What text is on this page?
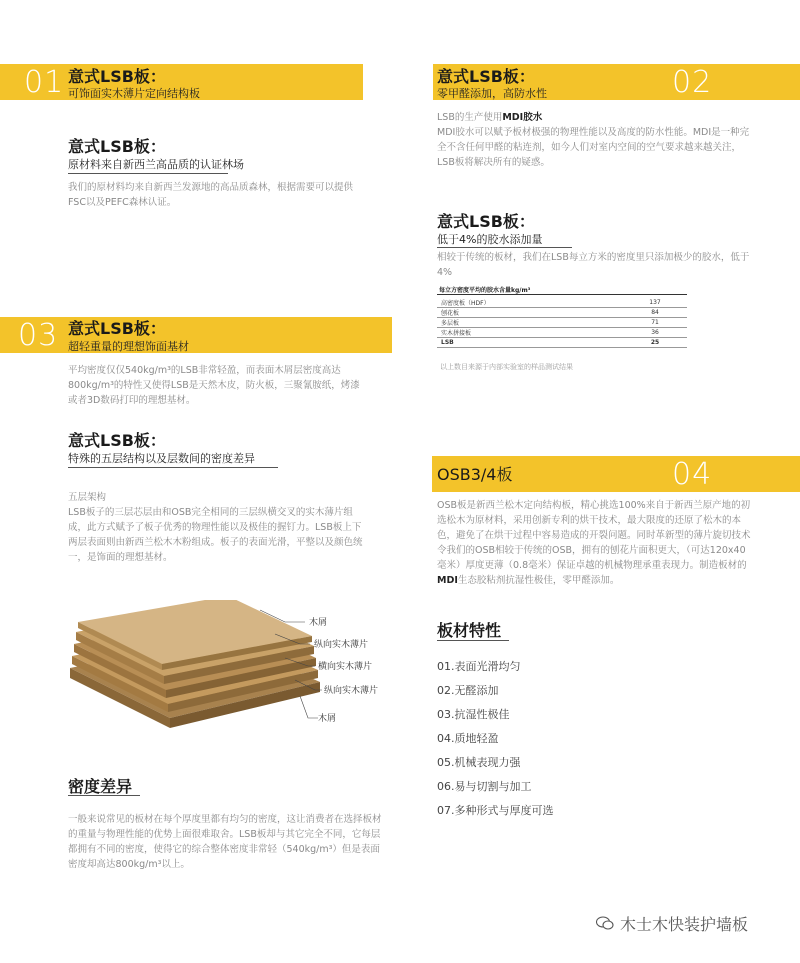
01 意式LSB板：
可饰面实木薄片定向结构板
意式LSB板：
零甲醛添加，高防水性	02
LSB的生产使用MDI胶水
MDI胶水可以赋予板材极强的物理性能以及高度的防水性能。MDI是一种完全不含任何甲醛的粘连剂，如今人们对室内空间的空气要求越来越关注，LSB板将解决所有的疑惑。
意式LSB板：
原材料来自新西兰高品质的认证林场
我们的原材料均来自新西兰发源地的高品质森林，根据需要可以提供FSC以及PEFC森林认证。
意式LSB板：
低于4%的胶水添加量
相较于传统的板材，我们在LSB每立方米的密度里只添加极少的胶水，低于4%
每立方密度平均的胶水含量kg/m³
高密度板（HDF）	137
刨花板	84
多层板	71
实木拼接板	36
LSB	25
以上数目来源于内部实验室的样品测试结果
03 意式LSB板：
超轻重量的理想饰面基材
平均密度仅仅540kg/m³的LSB非常轻盈，而表面木屑层密度高达800kg/m³的特性又使得LSB是天然木皮，防火板，三聚氰胺纸，烤漆或者3D数码打印的理想基材。
意式LSB板：
特殊的五层结构以及层数间的密度差异
五层架构
LSB板子的三层芯层由和OSB完全相同的三层纵横交叉的实木薄片组成，此方式赋予了板子优秀的物理性能以及极佳的握钉力。LSB板上下两层表面则由新西兰松木木粉组成。板子的表面光滑，平整以及颜色统一，是饰面的理想基材。
木屑
纵向实木薄片
横向实木薄片
纵向实木薄片
木屑
密度差异
一般来说常见的板材在每个厚度里都有均匀的密度，这让消费者在选择板材的重量与物理性能的优势上面很难取舍。LSB板却与其它完全不同，它每层都拥有不同的密度，使得它的综合整体密度非常轻（540kg/m³）但是表面密度却高达800kg/m³以上。
OSB3/4板	04
OSB板是新西兰松木定向结构板，精心挑选100%来自于新西兰原产地的初选松木为原材料，采用创新专利的烘干技术，最大限度的还原了松木的本色，避免了在烘干过程中容易造成的开裂问题。同时革新型的薄片旋切技术令我们的OSB相较于传统的OSB，拥有的刨花片面积更大，（可达120x40毫米）厚度更薄（0.8毫米）保证卓越的机械物理承重表现力。制造板材的MDI生态胶粘剂抗湿性极佳，零甲醛添加。
板材特性
01.表面光滑均匀
02.无醛添加
03.抗湿性极佳
04.质地轻盈
05.机械表现力强
06.易与切割与加工
07.多种形式与厚度可选
木士木快装护墙板
